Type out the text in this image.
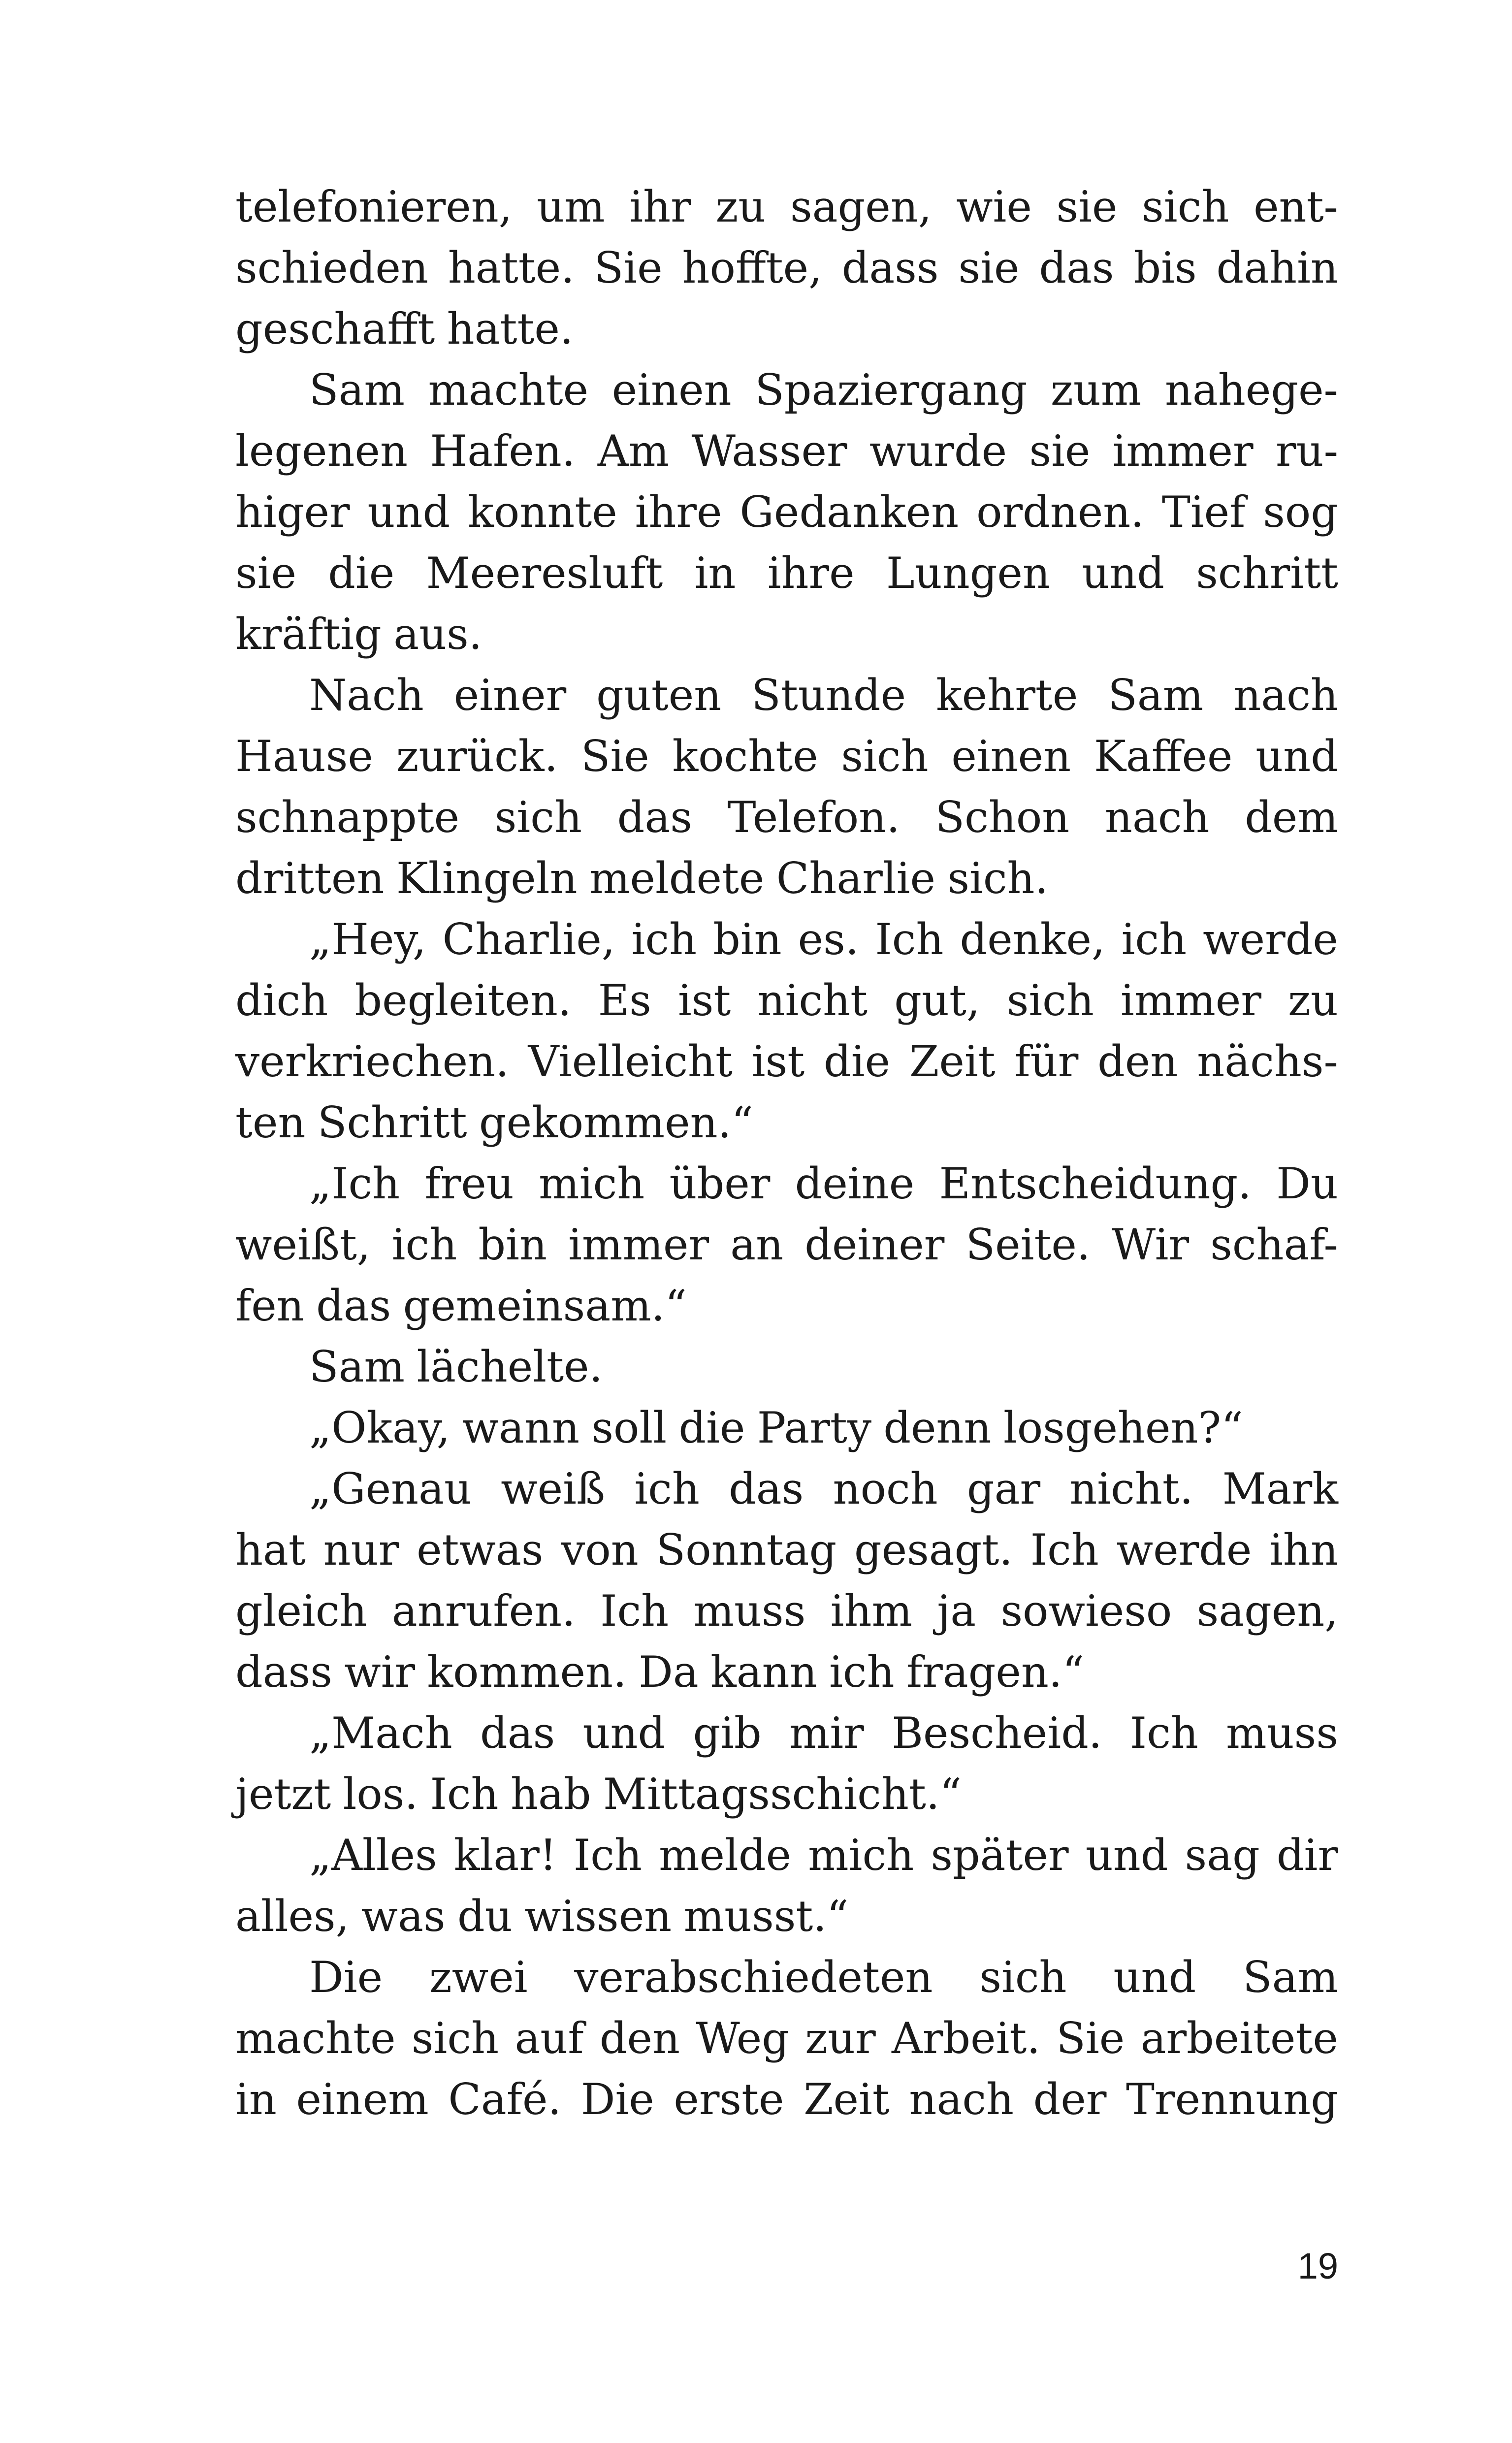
telefonieren, um ihr zu sagen, wie sie sich ent-
schieden hatte. Sie hoffte, dass sie das bis dahin
geschafft hatte.
Sam machte einen Spaziergang zum nahege-
legenen Hafen. Am Wasser wurde sie immer ru-
higer und konnte ihre Gedanken ordnen. Tief sog
sie die Meeresluft in ihre Lungen und schritt
kräftig aus.
Nach einer guten Stunde kehrte Sam nach
Hause zurück. Sie kochte sich einen Kaffee und
schnappte sich das Telefon. Schon nach dem
dritten Klingeln meldete Charlie sich.
„Hey, Charlie, ich bin es. Ich denke, ich werde
dich begleiten. Es ist nicht gut, sich immer zu
verkriechen. Vielleicht ist die Zeit für den nächs-
ten Schritt gekommen.“
„Ich freu mich über deine Entscheidung. Du
weißt, ich bin immer an deiner Seite. Wir schaf-
fen das gemeinsam.“
Sam lächelte.
„Okay, wann soll die Party denn losgehen?“
„Genau weiß ich das noch gar nicht. Mark
hat nur etwas von Sonntag gesagt. Ich werde ihn
gleich anrufen. Ich muss ihm ja sowieso sagen,
dass wir kommen. Da kann ich fragen.“
„Mach das und gib mir Bescheid. Ich muss
jetzt los. Ich hab Mittagsschicht.“
„Alles klar! Ich melde mich später und sag dir
alles, was du wissen musst.“
Die zwei verabschiedeten sich und Sam
machte sich auf den Weg zur Arbeit. Sie arbeitete
in einem Café. Die erste Zeit nach der Trennung
19
